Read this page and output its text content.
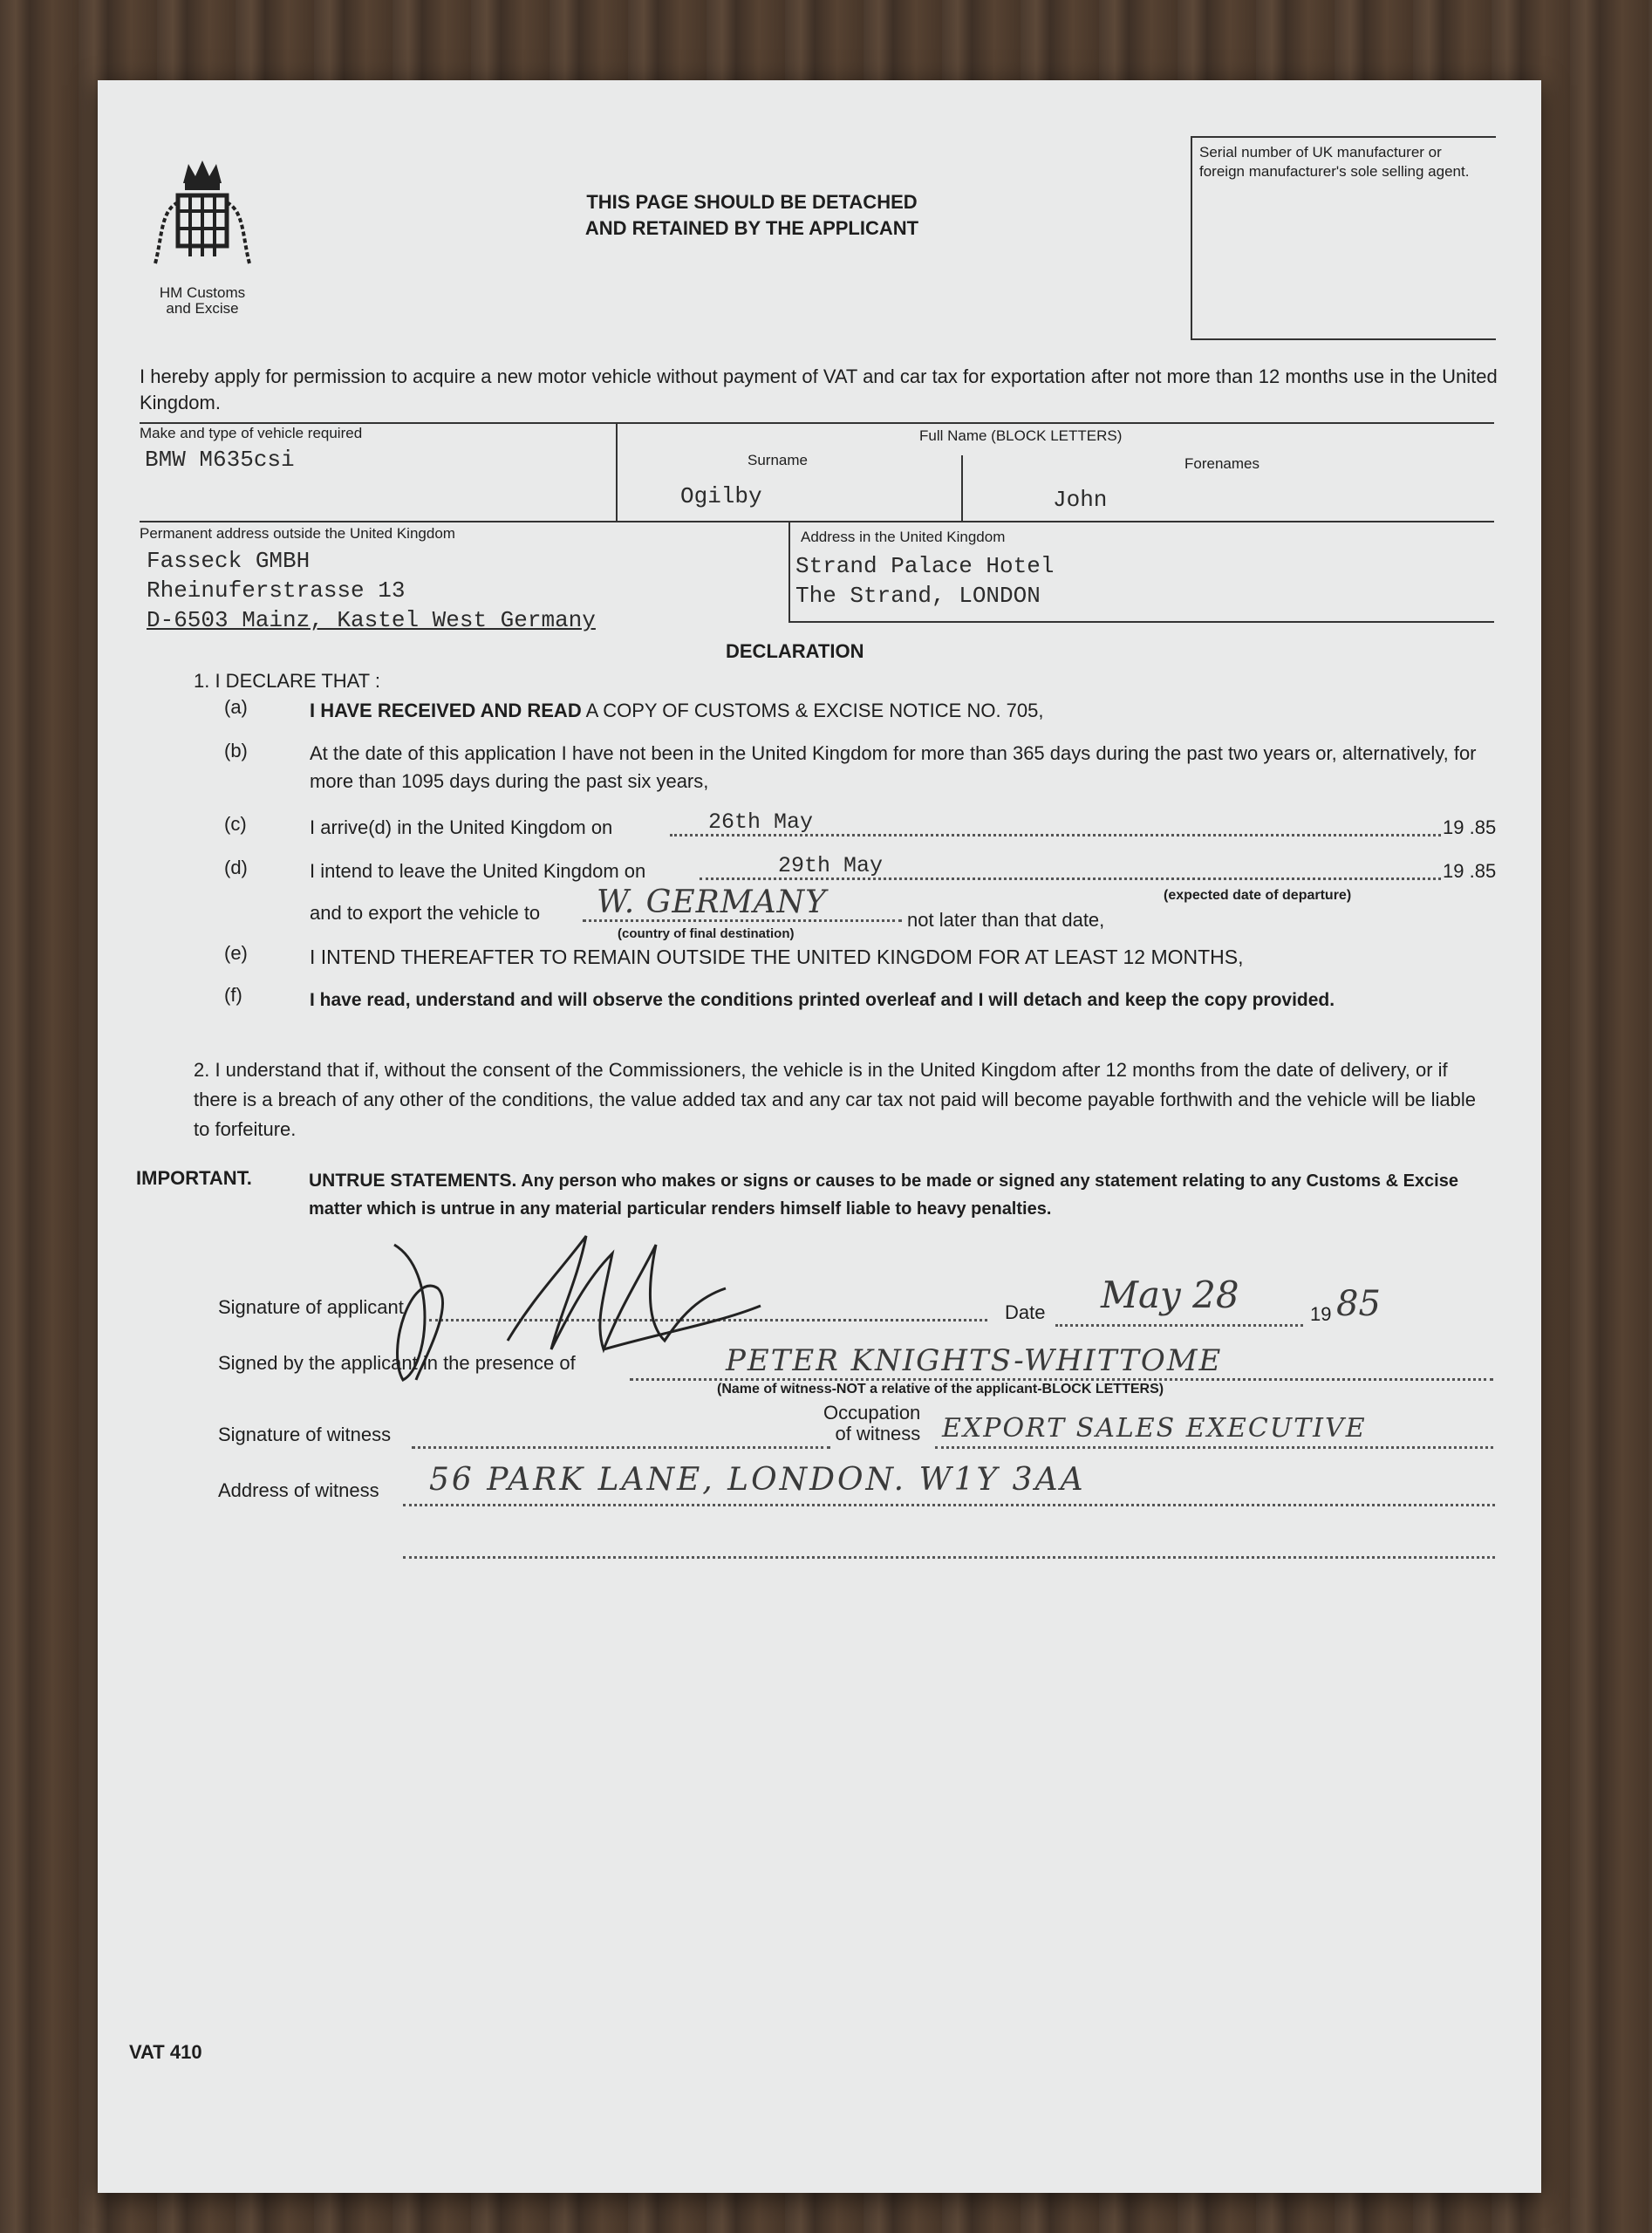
HM Customs
and Excise
THIS PAGE SHOULD BE DETACHED
AND RETAINED BY THE APPLICANT
Serial number of UK manufacturer or foreign manufacturer's sole selling agent.
I hereby apply for permission to acquire a new motor vehicle without payment of VAT and car tax for exportation after not more than 12 months use in the United Kingdom.
Make and type of vehicle required
BMW M635csi
Full Name (BLOCK LETTERS)
Surname
Ogilby
Forenames
John
Permanent address outside the United Kingdom
Fasseck GMBH
Rheinuferstrasse 13
D-6503 Mainz, Kastel West Germany
Address in the United Kingdom
Strand Palace Hotel
The Strand, LONDON
DECLARATION
1. I DECLARE THAT :
(a)	I HAVE RECEIVED AND READ A COPY OF CUSTOMS & EXCISE NOTICE NO. 705,
(b)	At the date of this application I have not been in the United Kingdom for more than 365 days during the past two years or, alternatively, for more than 1095 days during the past six years,
(c)	I arrive(d) in the United Kingdom on	26th May	19 .85
(d)	I intend to leave the United Kingdom on	29th May	19 .85
(expected date of departure)
and to export the vehicle to W. GERMANY
(country of final destination)
not later than that date,
(e)	I INTEND THEREAFTER TO REMAIN OUTSIDE THE UNITED KINGDOM FOR AT LEAST 12 MONTHS,
(f)	I have read, understand and will observe the conditions printed overleaf and I will detach and keep the copy provided.
2. I understand that if, without the consent of the Commissioners, the vehicle is in the United Kingdom after 12 months from the date of delivery, or if there is a breach of any other of the conditions, the value added tax and any car tax not paid will become payable forthwith and the vehicle will be liable to forfeiture.
IMPORTANT.	UNTRUE STATEMENTS. Any person who makes or signs or causes to be made or signed any statement relating to any Customs & Excise matter which is untrue in any material particular renders himself liable to heavy penalties.
Signature of applicant	Date May 28	19 85
Signed by the applicant in the presence of	PETER KNIGHTS-WHITTOME
(Name of witness-NOT a relative of the applicant-BLOCK LETTERS)
Signature of witness
Occupation
of witness EXPORT SALES EXECUTIVE
Address of witness 56 PARK LANE, LONDON. W1Y 3AA
VAT 410
